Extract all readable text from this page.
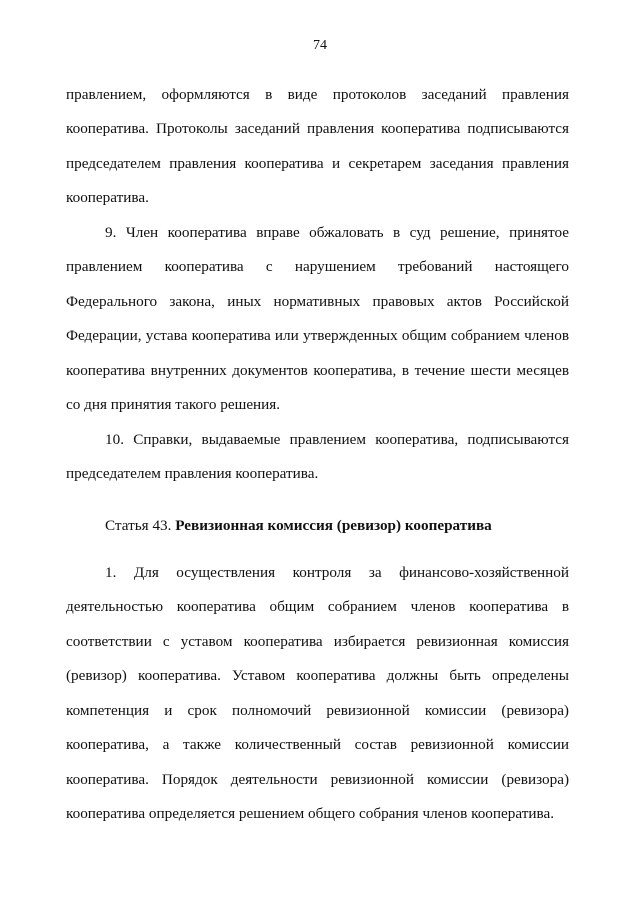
74
правлением, оформляются в виде протоколов заседаний правления
кооператива. Протоколы заседаний правления кооператива подписываются
председателем правления кооператива и секретарем заседания правления
кооператива.
9. Член кооператива вправе обжаловать в суд решение, принятое
правлением кооператива с нарушением требований настоящего
Федерального закона, иных нормативных правовых актов Российской
Федерации, устава кооператива или утвержденных общим собранием членов
кооператива внутренних документов кооператива, в течение шести месяцев
со дня принятия такого решения.
10. Справки, выдаваемые правлением кооператива, подписываются
председателем правления кооператива.
Статья 43. Ревизионная комиссия (ревизор) кооператива
1. Для осуществления контроля за финансово-хозяйственной
деятельностью кооператива общим собранием членов кооператива в
соответствии с уставом кооператива избирается ревизионная комиссия
(ревизор) кооператива. Уставом кооператива должны быть определены
компетенция и срок полномочий ревизионной комиссии (ревизора)
кооператива, а также количественный состав ревизионной комиссии
кооператива. Порядок деятельности ревизионной комиссии (ревизора)
кооператива определяется решением общего собрания членов кооператива.
